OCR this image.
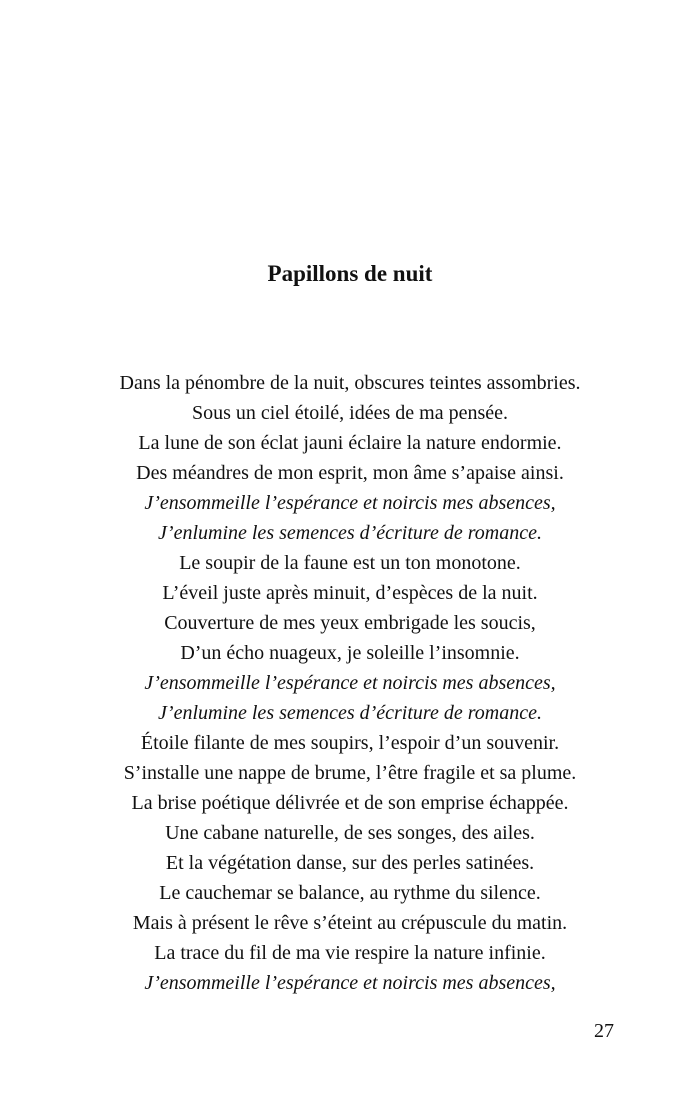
Papillons de nuit
Dans la pénombre de la nuit, obscures teintes assombries.
Sous un ciel étoilé, idées de ma pensée.
La lune de son éclat jauni éclaire la nature endormie.
Des méandres de mon esprit, mon âme s’apaise ainsi.
J’ensommeille l’espérance et noircis mes absences,
J’enlumine les semences d’écriture de romance.
Le soupir de la faune est un ton monotone.
L’éveil juste après minuit, d’espèces de la nuit.
Couverture de mes yeux embrigade les soucis,
D’un écho nuageux, je soleille l’insomnie.
J’ensommeille l’espérance et noircis mes absences,
J’enlumine les semences d’écriture de romance.
Étoile filante de mes soupirs, l’espoir d’un souvenir.
S’installe une nappe de brume, l’être fragile et sa plume.
La brise poétique délivrée et de son emprise échappée.
Une cabane naturelle, de ses songes, des ailes.
Et la végétation danse, sur des perles satinées.
Le cauchemar se balance, au rythme du silence.
Mais à présent le rêve s’éteint au crépuscule du matin.
La trace du fil de ma vie respire la nature infinie.
J’ensommeille l’espérance et noircis mes absences,
27
